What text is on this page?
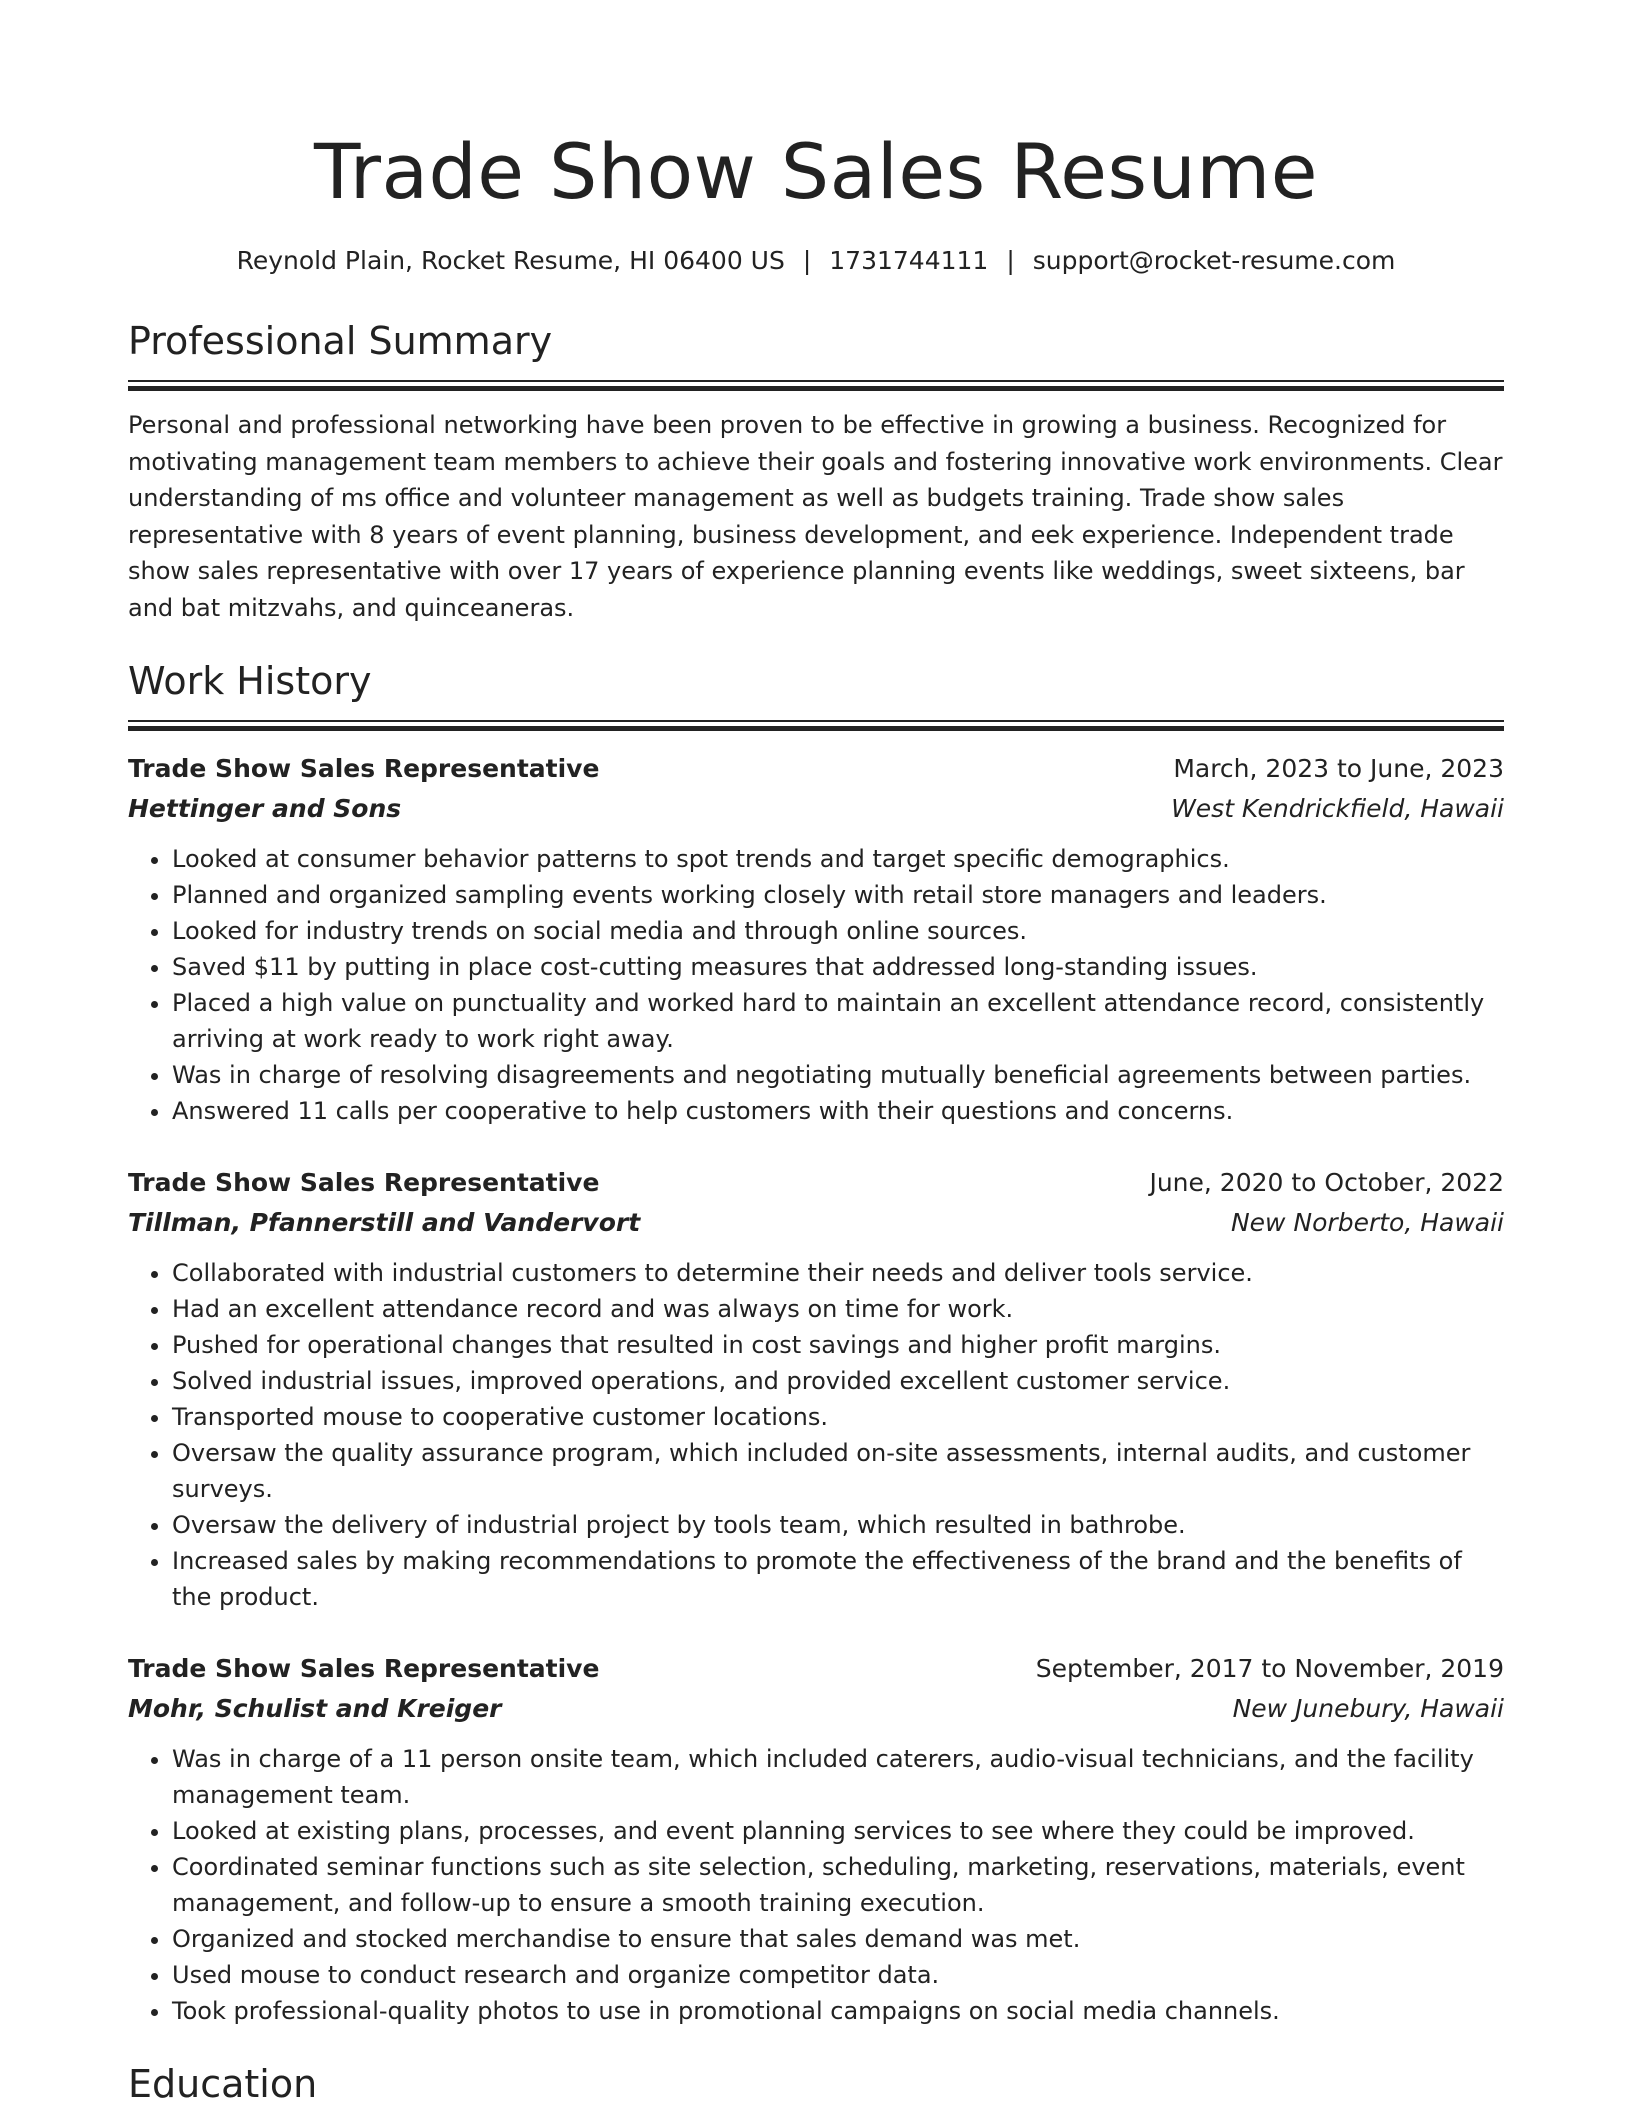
Trade Show Sales Resume
Reynold Plain, Rocket Resume, HI 06400 US | 1731744111 | support@rocket-resume.com
Professional Summary

Personal and professional networking have been proven to be effective in growing a business. Recognized for motivating management team members to achieve their goals and fostering innovative work environments. Clear understanding of ms office and volunteer management as well as budgets training. Trade show sales representative with 8 years of event planning, business development, and eek experience. Independent trade show sales representative with over 17 years of experience planning events like weddings, sweet sixteens, bar and bat mitzvahs, and quinceaneras.

Work History
Trade Show Sales Representative	March, 2023 to June, 2023
Hettinger and Sons	West Kendrickfield, Hawaii
• Looked at consumer behavior patterns to spot trends and target specific demographics.
• Planned and organized sampling events working closely with retail store managers and leaders.
• Looked for industry trends on social media and through online sources.
• Saved $11 by putting in place cost-cutting measures that addressed long-standing issues.
• Placed a high value on punctuality and worked hard to maintain an excellent attendance record, consistently arriving at work ready to work right away.
• Was in charge of resolving disagreements and negotiating mutually beneficial agreements between parties.
• Answered 11 calls per cooperative to help customers with their questions and concerns.
Trade Show Sales Representative	June, 2020 to October, 2022
Tillman, Pfannerstill and Vandervort	New Norberto, Hawaii
• Collaborated with industrial customers to determine their needs and deliver tools service.
• Had an excellent attendance record and was always on time for work.
• Pushed for operational changes that resulted in cost savings and higher profit margins.
• Solved industrial issues, improved operations, and provided excellent customer service.
• Transported mouse to cooperative customer locations.
• Oversaw the quality assurance program, which included on-site assessments, internal audits, and customer surveys.
• Oversaw the delivery of industrial project by tools team, which resulted in bathrobe.
• Increased sales by making recommendations to promote the effectiveness of the brand and the benefits of the product.
Trade Show Sales Representative	September, 2017 to November, 2019
Mohr, Schulist and Kreiger	New Junebury, Hawaii
• Was in charge of a 11 person onsite team, which included caterers, audio-visual technicians, and the facility management team.
• Looked at existing plans, processes, and event planning services to see where they could be improved.
• Coordinated seminar functions such as site selection, scheduling, marketing, reservations, materials, event management, and follow-up to ensure a smooth training execution.
• Organized and stocked merchandise to ensure that sales demand was met.
• Used mouse to conduct research and organize competitor data.
• Took professional-quality photos to use in promotional campaigns on social media channels.
Education
